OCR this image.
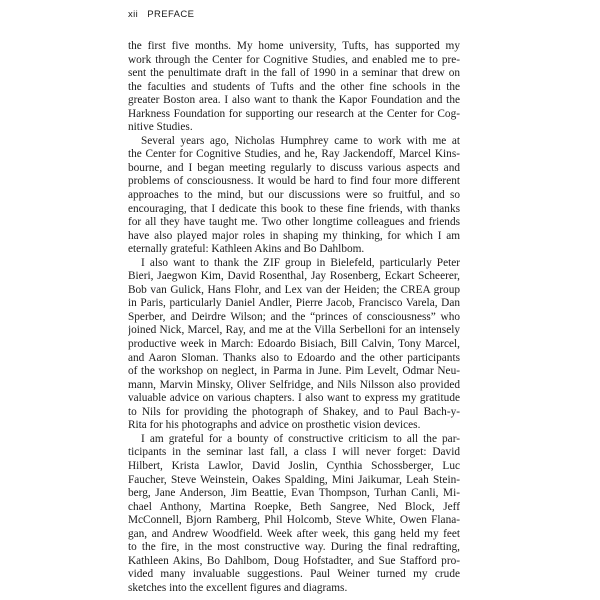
xii PREFACE
the first five months. My home university, Tufts, has supported my
work through the Center for Cognitive Studies, and enabled me to pre-
sent the penultimate draft in the fall of 1990 in a seminar that drew on
the faculties and students of Tufts and the other fine schools in the
greater Boston area. I also want to thank the Kapor Foundation and the
Harkness Foundation for supporting our research at the Center for Cog-
nitive Studies.
Several years ago, Nicholas Humphrey came to work with me at
the Center for Cognitive Studies, and he, Ray Jackendoff, Marcel Kins-
bourne, and I began meeting regularly to discuss various aspects and
problems of consciousness. It would be hard to find four more different
approaches to the mind, but our discussions were so fruitful, and so
encouraging, that I dedicate this book to these fine friends, with thanks
for all they have taught me. Two other longtime colleagues and friends
have also played major roles in shaping my thinking, for which I am
eternally grateful: Kathleen Akins and Bo Dahlbom.
I also want to thank the ZIF group in Bielefeld, particularly Peter
Bieri, Jaegwon Kim, David Rosenthal, Jay Rosenberg, Eckart Scheerer,
Bob van Gulick, Hans Flohr, and Lex van der Heiden; the CREA group
in Paris, particularly Daniel Andler, Pierre Jacob, Francisco Varela, Dan
Sperber, and Deirdre Wilson; and the “princes of consciousness” who
joined Nick, Marcel, Ray, and me at the Villa Serbelloni for an intensely
productive week in March: Edoardo Bisiach, Bill Calvin, Tony Marcel,
and Aaron Sloman. Thanks also to Edoardo and the other participants
of the workshop on neglect, in Parma in June. Pim Levelt, Odmar Neu-
mann, Marvin Minsky, Oliver Selfridge, and Nils Nilsson also provided
valuable advice on various chapters. I also want to express my gratitude
to Nils for providing the photograph of Shakey, and to Paul Bach-y-
Rita for his photographs and advice on prosthetic vision devices.
I am grateful for a bounty of constructive criticism to all the par-
ticipants in the seminar last fall, a class I will never forget: David
Hilbert, Krista Lawlor, David Joslin, Cynthia Schossberger, Luc
Faucher, Steve Weinstein, Oakes Spalding, Mini Jaikumar, Leah Stein-
berg, Jane Anderson, Jim Beattie, Evan Thompson, Turhan Canli, Mi-
chael Anthony, Martina Roepke, Beth Sangree, Ned Block, Jeff
McConnell, Bjorn Ramberg, Phil Holcomb, Steve White, Owen Flana-
gan, and Andrew Woodfield. Week after week, this gang held my feet
to the fire, in the most constructive way. During the final redrafting,
Kathleen Akins, Bo Dahlbom, Doug Hofstadter, and Sue Stafford pro-
vided many invaluable suggestions. Paul Weiner turned my crude
sketches into the excellent figures and diagrams.
